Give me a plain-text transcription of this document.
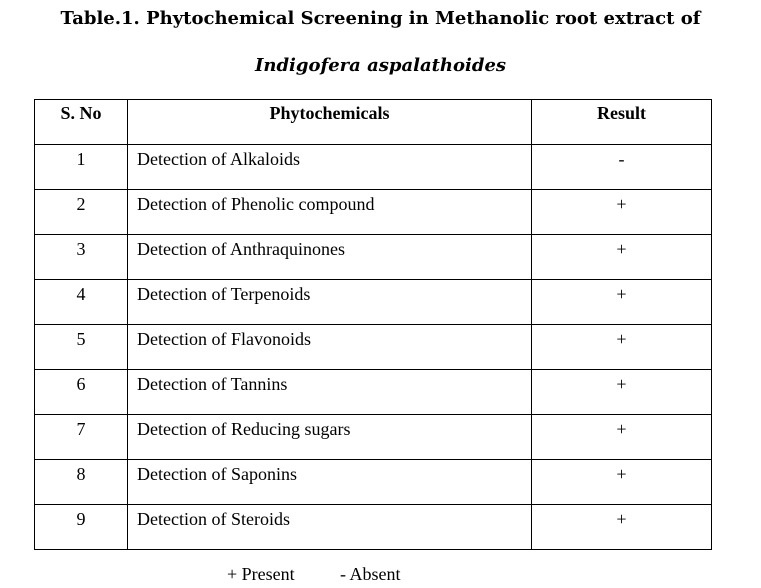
Table.1. Phytochemical Screening in Methanolic root extract of
Indigofera aspalathoides
S. No	Phytochemicals	Result
1	Detection of Alkaloids	-
2	Detection of Phenolic compound	+
3	Detection of Anthraquinones	+
4	Detection of Terpenoids	+
5	Detection of Flavonoids	+
6	Detection of Tannins	+
7	Detection of Reducing sugars	+
8	Detection of Saponins	+
9	Detection of Steroids	+
+ Present	- Absent
